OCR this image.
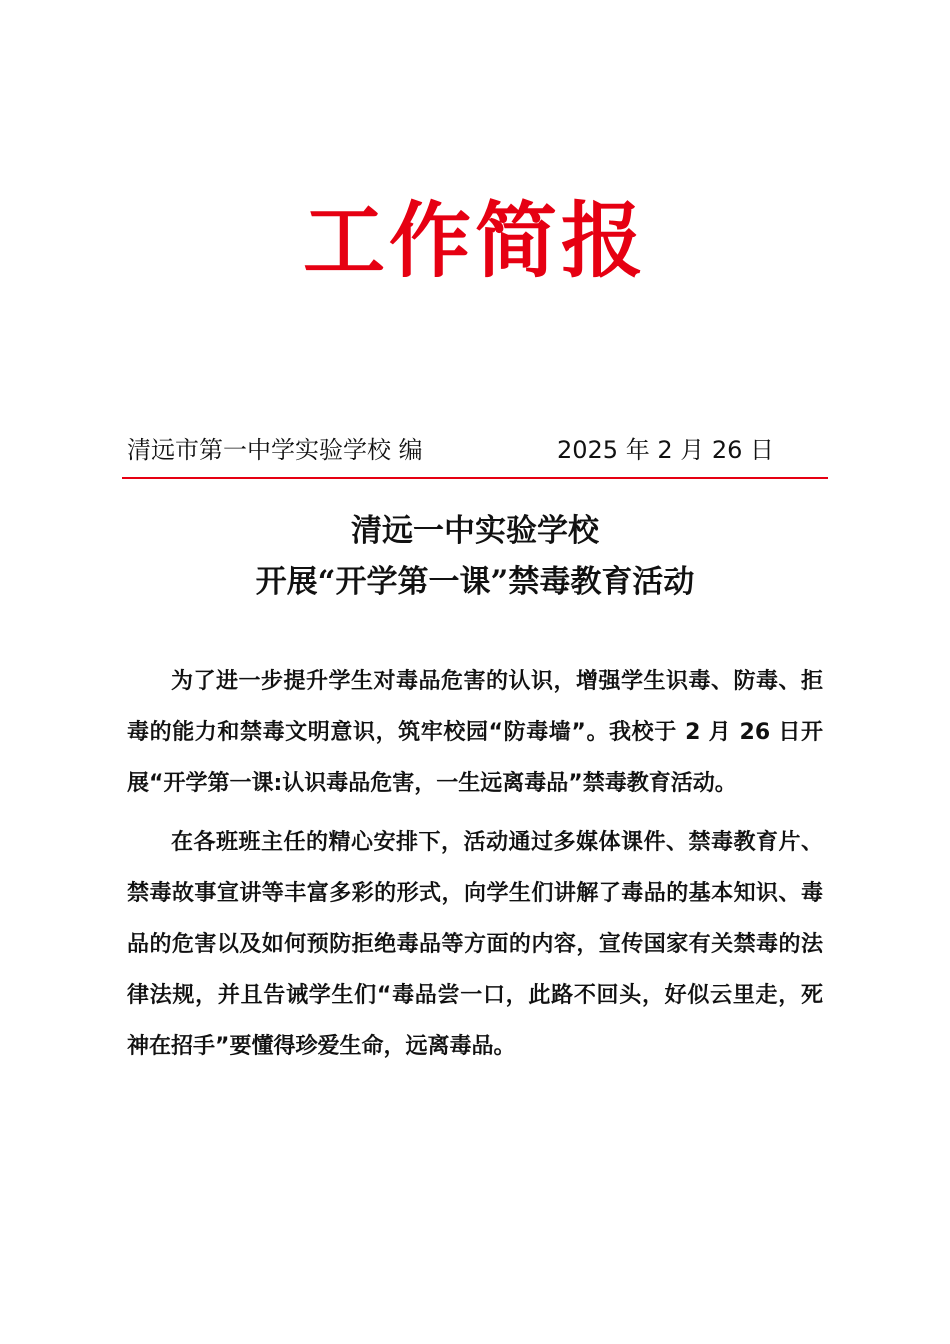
工作简报
清远市第一中学实验学校 编	2025 年 2 月 26 日
清远一中实验学校
开展“开学第一课”禁毒教育活动

为了进一步提升学生对毒品危害的认识，增强学生识毒、防毒、拒毒的能力和禁毒文明意识，筑牢校园“防毒墙”。我校于 2 月 26 日开展“开学第一课:认识毒品危害，一生远离毒品”禁毒教育活动。

在各班班主任的精心安排下，活动通过多媒体课件、禁毒教育片、禁毒故事宣讲等丰富多彩的形式，向学生们讲解了毒品的基本知识、毒品的危害以及如何预防拒绝毒品等方面的内容，宣传国家有关禁毒的法律法规，并且告诫学生们“毒品尝一口，此路不回头，好似云里走，死神在招手”要懂得珍爱生命，远离毒品。
